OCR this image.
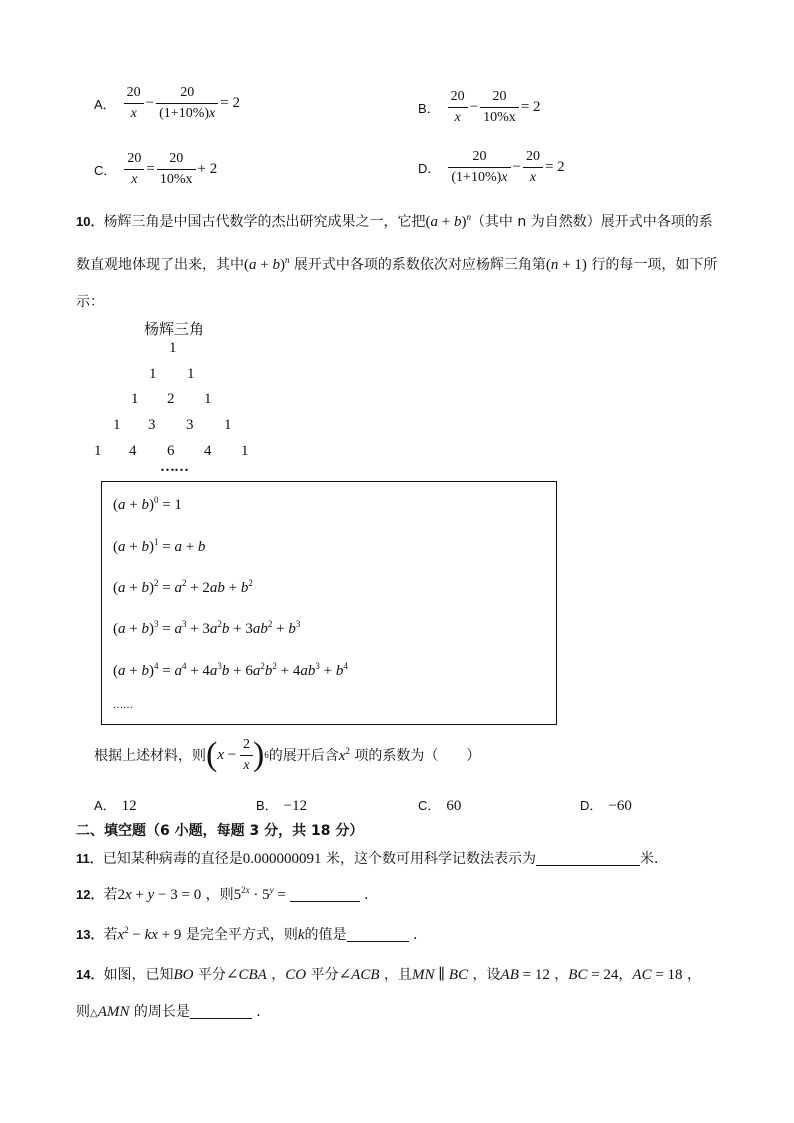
A． $\frac{20}{x} - \frac{20}{(1+10\%)x} = 2$	B． $\frac{20}{x} - \frac{20}{10\%x} = 2$
C． $\frac{20}{x} = \frac{20}{10\%x} + 2$	D． $\frac{20}{(1+10\%)x} - \frac{20}{x} = 2$
10．杨辉三角是中国古代数学的杰出研究成果之一，它把$(a + b)^n$（其中 n 为自然数）展开式中各项的系
数直观地体现了出来，其中$(a + b)^n$ 展开式中各项的系数依次对应杨辉三角第(n + 1) 行的每一项，如下所
示：
杨辉三角
1
1 1
1 2 1
1 3 3 1
1 4 6 4 1
……
$(a + b)^0 = 1$
$(a + b)^1 = a + b$
$(a + b)^2 = a^2 + 2ab + b^2$
$(a + b)^3 = a^3 + 3a^2b + 3ab^2 + b^3$
$(a + b)^4 = a^4 + 4a^3b + 6a^2b^2 + 4ab^3 + b^4$
……
根据上述材料，则 ( $x - \frac{2}{x}$ ) 6 的展开后含 $x^2$
项的系数为（　　）
A． 12	B． −12	C． 60	D． −60
二、填空题（6 小题，每题 3 分，共 18 分）
11．已知某种病毒的直径是0.000000091 米，这个数可用科学记数法表示为	米．
12．若2x + y − 3 = 0 ，则$5^{2x} \cdot 5^y$ =	．
13．若$x^2$ − kx + 9 是完全平方式，则k的值是	．
14．如图，已知BO 平分∠CBA ，CO 平分∠ACB ，且MN ∥ BC ，设AB = 12 ，BC = 24，AC = 18 ，
则△AMN 的周长是	．
